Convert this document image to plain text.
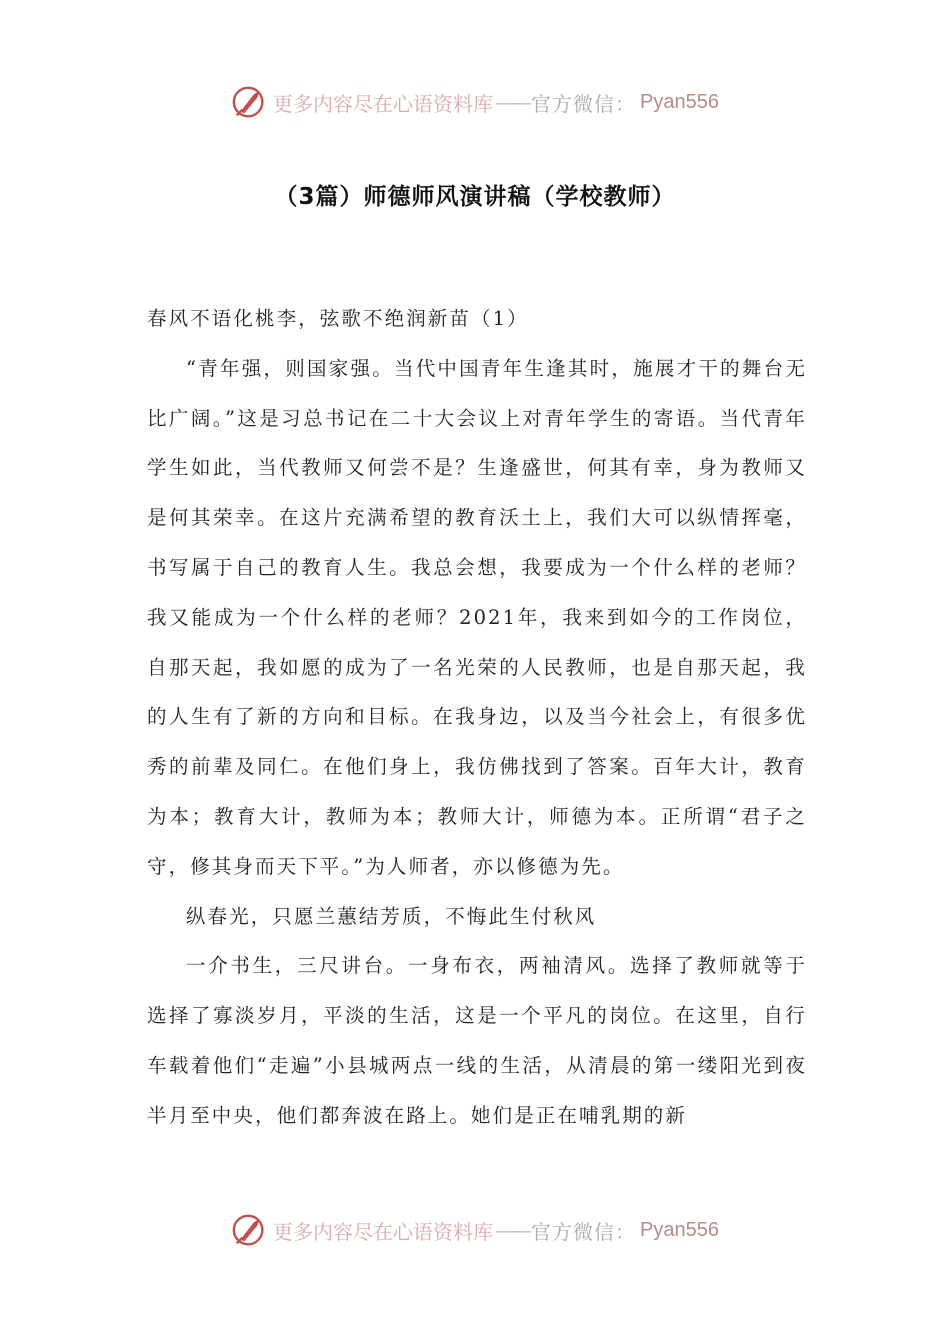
更多内容尽在心语资料库 —— 官方微信： Pyan556
（3篇）师德师风演讲稿（学校教师）

春风不语化桃李，弦歌不绝润新苗（1）

“青年强，则国家强。当代中国青年生逢其时，施展才干的舞台无比广阔。”这是习总书记在二十大会议上对青年学生的寄语。当代青年学生如此，当代教师又何尝不是？生逢盛世，何其有幸，身为教师又是何其荣幸。在这片充满希望的教育沃土上，我们大可以纵情挥毫，书写属于自己的教育人生。我总会想，我要成为一个什么样的老师？我又能成为一个什么样的老师？2021年，我来到如今的工作岗位，自那天起，我如愿的成为了一名光荣的人民教师，也是自那天起，我的人生有了新的方向和目标。在我身边，以及当今社会上，有很多优秀的前辈及同仁。在他们身上，我仿佛找到了答案。百年大计，教育为本；教育大计，教师为本；教师大计，师德为本。正所谓“君子之守，修其身而天下平。”为人师者，亦以修德为先。

纵春光，只愿兰蕙结芳质，不悔此生付秋风

一介书生，三尺讲台。一身布衣，两袖清风。选择了教师就等于选择了寡淡岁月，平淡的生活，这是一个平凡的岗位。在这里，自行车载着他们“走遍”小县城两点一线的生活，从清晨的第一缕阳光到夜半月至中央，他们都奔波在路上。她们是正在哺乳期的新

更多内容尽在心语资料库 —— 官方微信： Pyan556
